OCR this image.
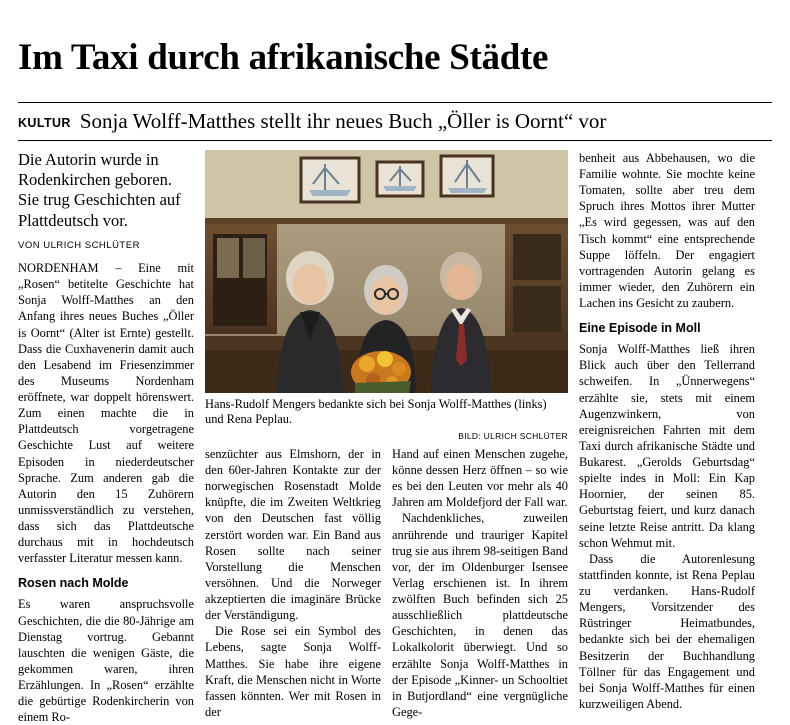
Im Taxi durch afrikanische Städte
KULTUR Sonja Wolff-Matthes stellt ihr neues Buch „Öller is Oornt“ vor
Die Autorin wurde in Rodenkirchen geboren. Sie trug Geschichten auf Plattdeutsch vor.
VON ULRICH SCHLÜTER

NORDENHAM – Eine mit „Rosen“ betitelte Geschichte hat Sonja Wolff-Matthes an den Anfang ihres neues Buches „Öller is Oornt“ (Alter ist Ernte) gestellt. Dass die Cuxhavenerin damit auch den Lesabend im Friesenzimmer des Museums Nordenham eröffnete, war doppelt hörenswert. Zum einen machte die in Plattdeutsch vorgetragene Geschichte Lust auf weitere Episoden in niederdeutscher Sprache. Zum anderen gab die Autorin den 15 Zuhörern unmissverständlich zu verstehen, dass sich das Plattdeutsche durchaus mit in hochdeutsch verfasster Literatur messen kann.

Rosen nach Molde

Es waren anspruchsvolle Geschichten, die die 80-Jährige am Dienstag vortrug. Gebannt lauschten die wenigen Gäste, die gekommen waren, ihren Erzählungen. In „Rosen“ erzählte die gebürtige Rodenkircherin von einem Ro-

Hans-Rudolf Mengers bedankte sich bei Sonja Wolff-Matthes (links) und Rena Peplau.
BILD: ULRICH SCHLÜTER

senzüchter aus Elmshorn, der in den 60er-Jahren Kontakte zur der norwegischen Rosenstadt Molde knüpfte, die im Zweiten Weltkrieg von den Deutschen fast völlig zerstört worden war. Ein Band aus Rosen sollte nach seiner Vorstellung die Menschen versöhnen. Und die Norweger akzeptierten die imaginäre Brücke der Verständigung.

Die Rose sei ein Symbol des Lebens, sagte Sonja Wolff-Matthes. Sie habe ihre eigene Kraft, die Menschen nicht in Worte fassen könnten. Wer mit Rosen in der

Hand auf einen Menschen zugehe, könne dessen Herz öffnen – so wie es bei den Leuten vor mehr als 40 Jahren am Moldefjord der Fall war.

Nachdenkliches, zuweilen anrührende und trauriger Kapitel trug sie aus ihrem 98-seitigen Band vor, der im Oldenburger Isensee Verlag erschienen ist. In ihrem zwölften Buch befinden sich 25 ausschließlich plattdeutsche Geschichten, in denen das Lokalkolorit überwiegt. Und so erzählte Sonja Wolff-Matthes in der Episode „Kinner- un Schooltiet in Butjordland“ eine vergnügliche Gege-

benheit aus Abbehausen, wo die Familie wohnte. Sie mochte keine Tomaten, sollte aber treu dem Spruch ihres Mottos ihrer Mutter „Es wird gegessen, was auf den Tisch kommt“ eine entsprechende Suppe löffeln. Der engagiert vortragenden Autorin gelang es immer wieder, den Zuhörern ein Lachen ins Gesicht zu zaubern.

Eine Episode in Moll

Sonja Wolff-Matthes ließ ihren Blick auch über den Tellerrand schweifen. In „Ünnerwegens“ erzählte sie, stets mit einem Augenzwinkern, von ereignisreichen Fahrten mit dem Taxi durch afrikanische Städte und Bukarest. „Gerolds Geburtsdag“ spielte indes in Moll: Ein Kap Hoornier, der seinen 85. Geburtstag feiert, und kurz danach seine letzte Reise antritt. Da klang schon Wehmut mit.

Dass die Autorenlesung stattfinden konnte, ist Rena Peplau zu verdanken. Hans-Rudolf Mengers, Vorsitzender des Rüstringer Heimatbundes, bedankte sich bei der ehemaligen Besitzerin der Buchhandlung Töllner für das Engagement und bei Sonja Wolff-Matthes für einen kurzweiligen Abend.
